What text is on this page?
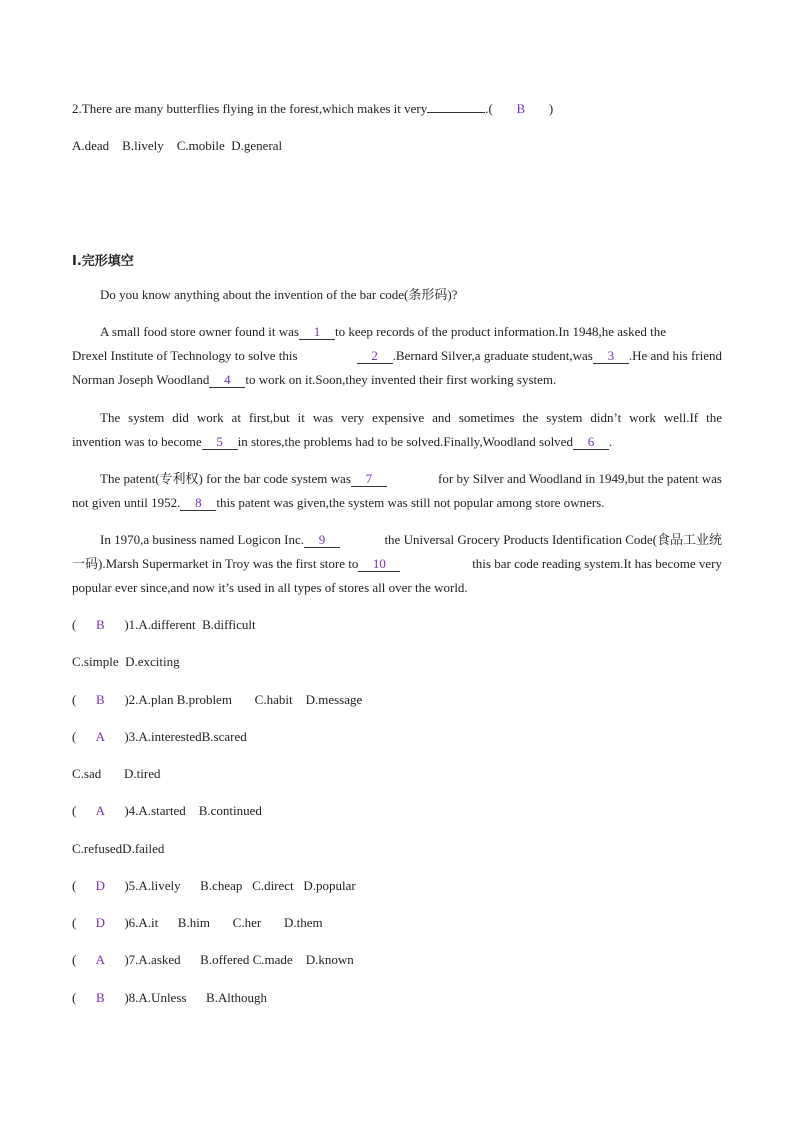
2.There are many butterflies flying in the forest,which makes it very	.( B )
A.dead    B.lively    C.mobile  D.general
Ⅰ.完形填空
Do you know anything about the invention of the bar code(条形码)?
A small food store owner found it was 1 to keep records of the product information.In 1948,he asked the
Drexel Institute of Technology to solve this	2 .Bernard Silver,a graduate student,was 3 .He and his friend
Norman Joseph Woodland 4 to work on it.Soon,they invented their first working system.
The system did work at first,but it was very expensive and sometimes the system didn’t work well.If the
invention was to become 5 in stores,the problems had to be solved.Finally,Woodland solved 6 .
The patent(专利权) for the bar code system was 7	for by Silver and Woodland in 1949,but the patent was
not given until 1952. 8 this patent was given,the system was still not popular among store owners.
In 1970,a business named Logicon Inc. 9	the Universal Grocery Products Identification Code(食品工业统
一码).Marsh Supermarket in Troy was the first store to 10	this bar code reading system.It has become very
popular ever since,and now it’s used in all types of stores all over the world.
( B )1.A.different  B.difficult
C.simple  D.exciting
( B )2.A.plan B.problem       C.habit    D.message
( A )3.A.interestedB.scared
C.sad       D.tired
( A )4.A.started    B.continued
C.refusedD.failed
( D )5.A.lively      B.cheap   C.direct   D.popular
( D )6.A.it      B.him       C.her       D.them
( A )7.A.asked      B.offered C.made    D.known
( B )8.A.Unless      B.Although
